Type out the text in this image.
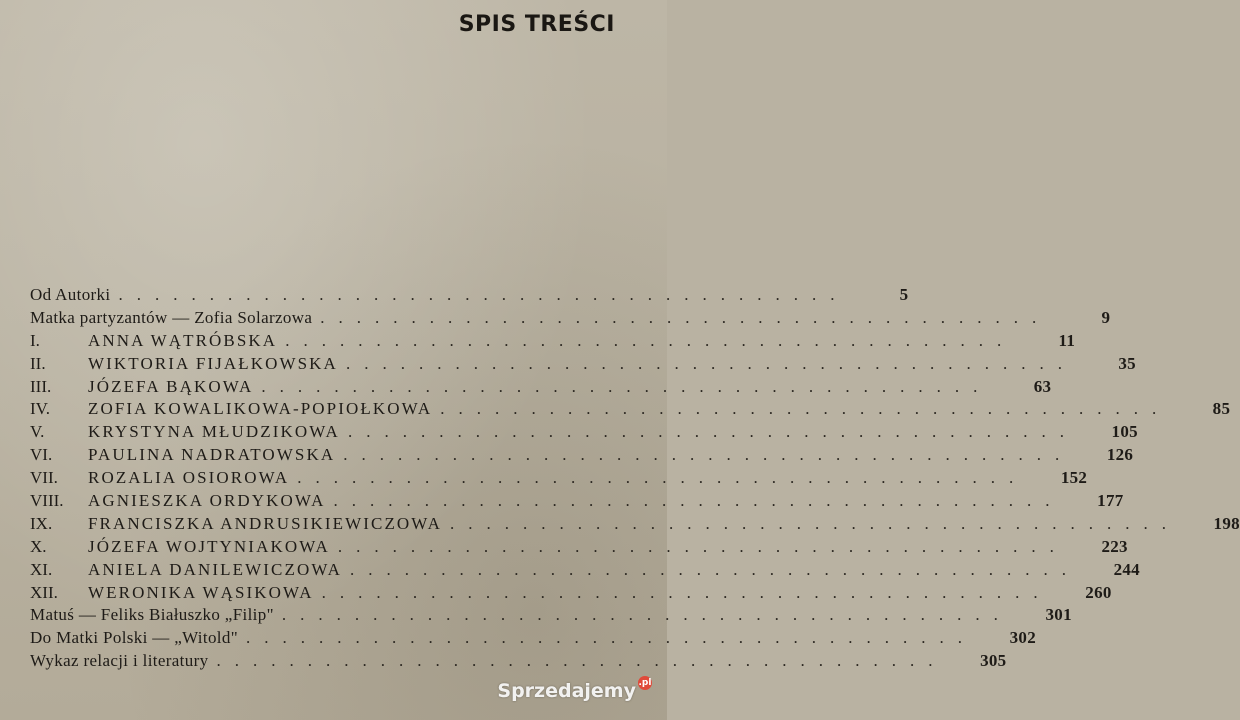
SPIS TREŚCI
Od Autorki ........................................	5
Matka partyzantów — Zofia Solarzowa ........................................	9
I.	ANNA WĄTRÓBSKA ........................................	11
II.	WIKTORIA FIJAŁKOWSKA ........................................	35
III.	JÓZEFA BĄKOWA ........................................	63
IV.	ZOFIA KOWALIKOWA-POPIOŁKOWA ........................................	85
V.	KRYSTYNA MŁUDZIKOWA ........................................	105
VI.	PAULINA NADRATOWSKA ........................................	126
VII.	ROZALIA OSIOROWA ........................................	152
VIII.	AGNIESZKA ORDYKOWA ........................................	177
IX.	FRANCISZKA ANDRUSIKIEWICZOWA ........................................	198
X.	JÓZEFA WOJTYNIAKOWA ........................................	223
XI.	ANIELA DANILEWICZOWA ........................................	244
XII.	WERONIKA WĄSIKOWA ........................................	260
Matuś — Feliks Białuszko „Filip" ........................................	301
Do Matki Polski — „Witold" ........................................	302
Wykaz relacji i literatury ........................................	305
Sprzedajemy .pl
